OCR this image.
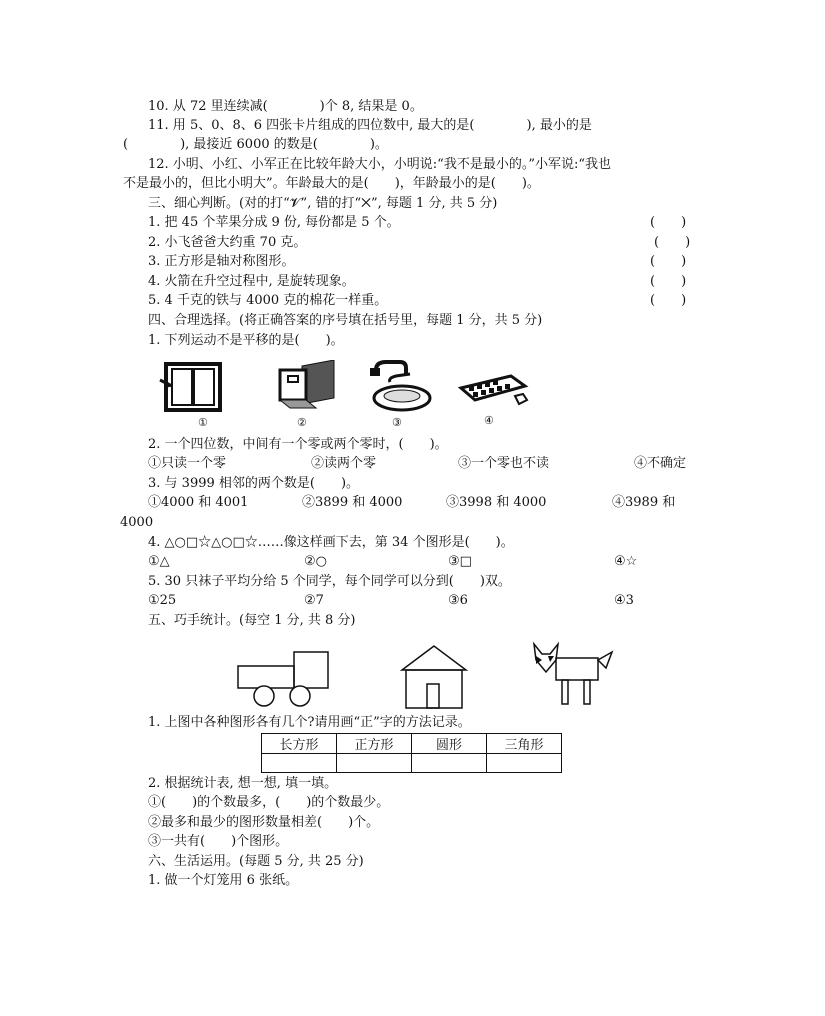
10. 从 72 里连续减(　　　　)个 8, 结果是 0。
11. 用 5、0、8、6 四张卡片组成的四位数中, 最大的是(　　　　), 最小的是
(　　　　), 最接近 6000 的数是(　　　　)。
12. 小明、小红、小军正在比较年龄大小，小明说:“我不是最小的。”小军说:“我也
不是最小的，但比小明大”。年龄最大的是(　　)，年龄最小的是(　　)。
三、细心判断。(对的打“𝓥”, 错的打“✕”, 每题 1 分, 共 5 分)
1. 把 45 个苹果分成 9 份, 每份都是 5 个。	(　　)
2. 小飞爸爸大约重 70 克。	(　　)
3. 正方形是轴对称图形。	(　　)
4. 火箭在升空过程中, 是旋转现象。	(　　)
5. 4 千克的铁与 4000 克的棉花一样重。	(　　)
四、合理选择。(将正确答案的序号填在括号里，每题 1 分，共 5 分)
1. 下列运动不是平移的是(　　)。
①	②	③	④
2. 一个四位数，中间有一个零或两个零时，(　　)。
①只读一个零	②读两个零	③一个零也不读	④不确定
3. 与 3999 相邻的两个数是(　　)。
①4000 和 4001	②3899 和 4000	③3998 和 4000	④3989 和
4000
4. △○□☆△○□☆……像这样画下去，第 34 个图形是(　　)。
①△	②○	③□	④☆
5. 30 只袜子平均分给 5 个同学，每个同学可以分到(　　)双。
①25	②7	③6	④3
五、巧手统计。(每空 1 分, 共 8 分)
1. 上图中各种图形各有几个?请用画“正”字的方法记录。
长方形	正方形	圆形	三角形

2. 根据统计表, 想一想, 填一填。
①(　　)的个数最多，(　　)的个数最少。
②最多和最少的图形数量相差(　　)个。
③一共有(　　)个图形。
六、生活运用。(每题 5 分, 共 25 分)
1. 做一个灯笼用 6 张纸。
